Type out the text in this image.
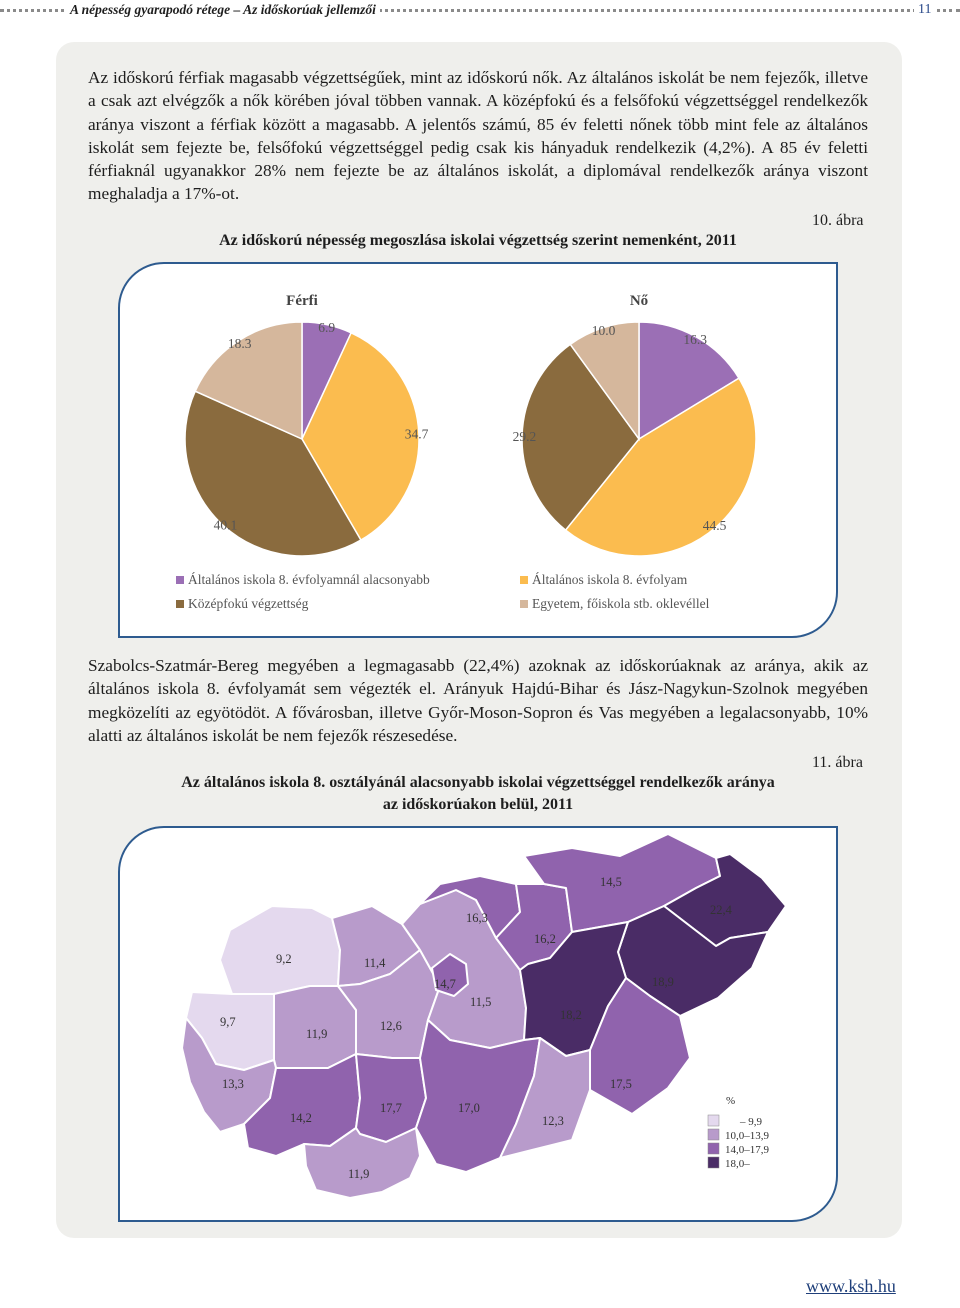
A népesség gyarapodó rétege – Az időskorúak jellemzői	11
Az időskorú férfiak magasabb végzettségűek, mint az időskorú nők. Az általános iskolát be nem fejezők, illetve a csak azt elvégzők a nők körében jóval többen vannak. A középfokú és a felsőfokú végzettséggel rendelkezők aránya viszont a férfiak között a magasabb. A jelentős számú, 85 év feletti nőnek több mint fele az általános iskolát sem fejezte be, felsőfokú végzettséggel pedig csak kis hányaduk rendelkezik (4,2%). A 85 év feletti férfiaknál ugyanakkor 28% nem fejezte be az általános iskolát, a diplomával rendelkezők aránya viszont meghaladja a 17%-ot.
10. ábra
Az időskorú népesség megoszlása iskolai végzettség szerint nemenként, 2011
Férfi	Nő
6.9
34.7
40.1
18.3	16.3
44.5
29.2
10.0
Általános iskola 8. évfolyamnál alacsonyabb	Általános iskola 8. évfolyam
Középfokú végzettség	Egyetem, főiskola stb. oklevéllel
Szabolcs-Szatmár-Bereg megyében a legmagasabb (22,4%) azoknak az időskorúaknak az aránya, akik az általános iskola 8. évfolyamát sem végezték el. Arányuk Hajdú-Bihar és Jász-Nagykun-Szolnok megyében megközelíti az egyötödöt. A fővárosban, illetve Győr-Moson-Sopron és Vas megyében a legalacsonyabb, 10% alatti az általános iskolát be nem fejezők részesedése.
11. ábra
Az általános iskola 8. osztályánál alacsonyabb iskolai végzettséggel rendelkezők aránya
az időskorúakon belül, 2011
9,2
9,7
11,4
11,9
12,6
14,7
11,5
16,3
16,2
14,5
22,4
18,9
18,2
13,3
14,2
17,7	17,0
12,3
17,5
11,9
%
– 9,9
10,0–13,9
14,0–17,9
18,0–
www.ksh.hu
